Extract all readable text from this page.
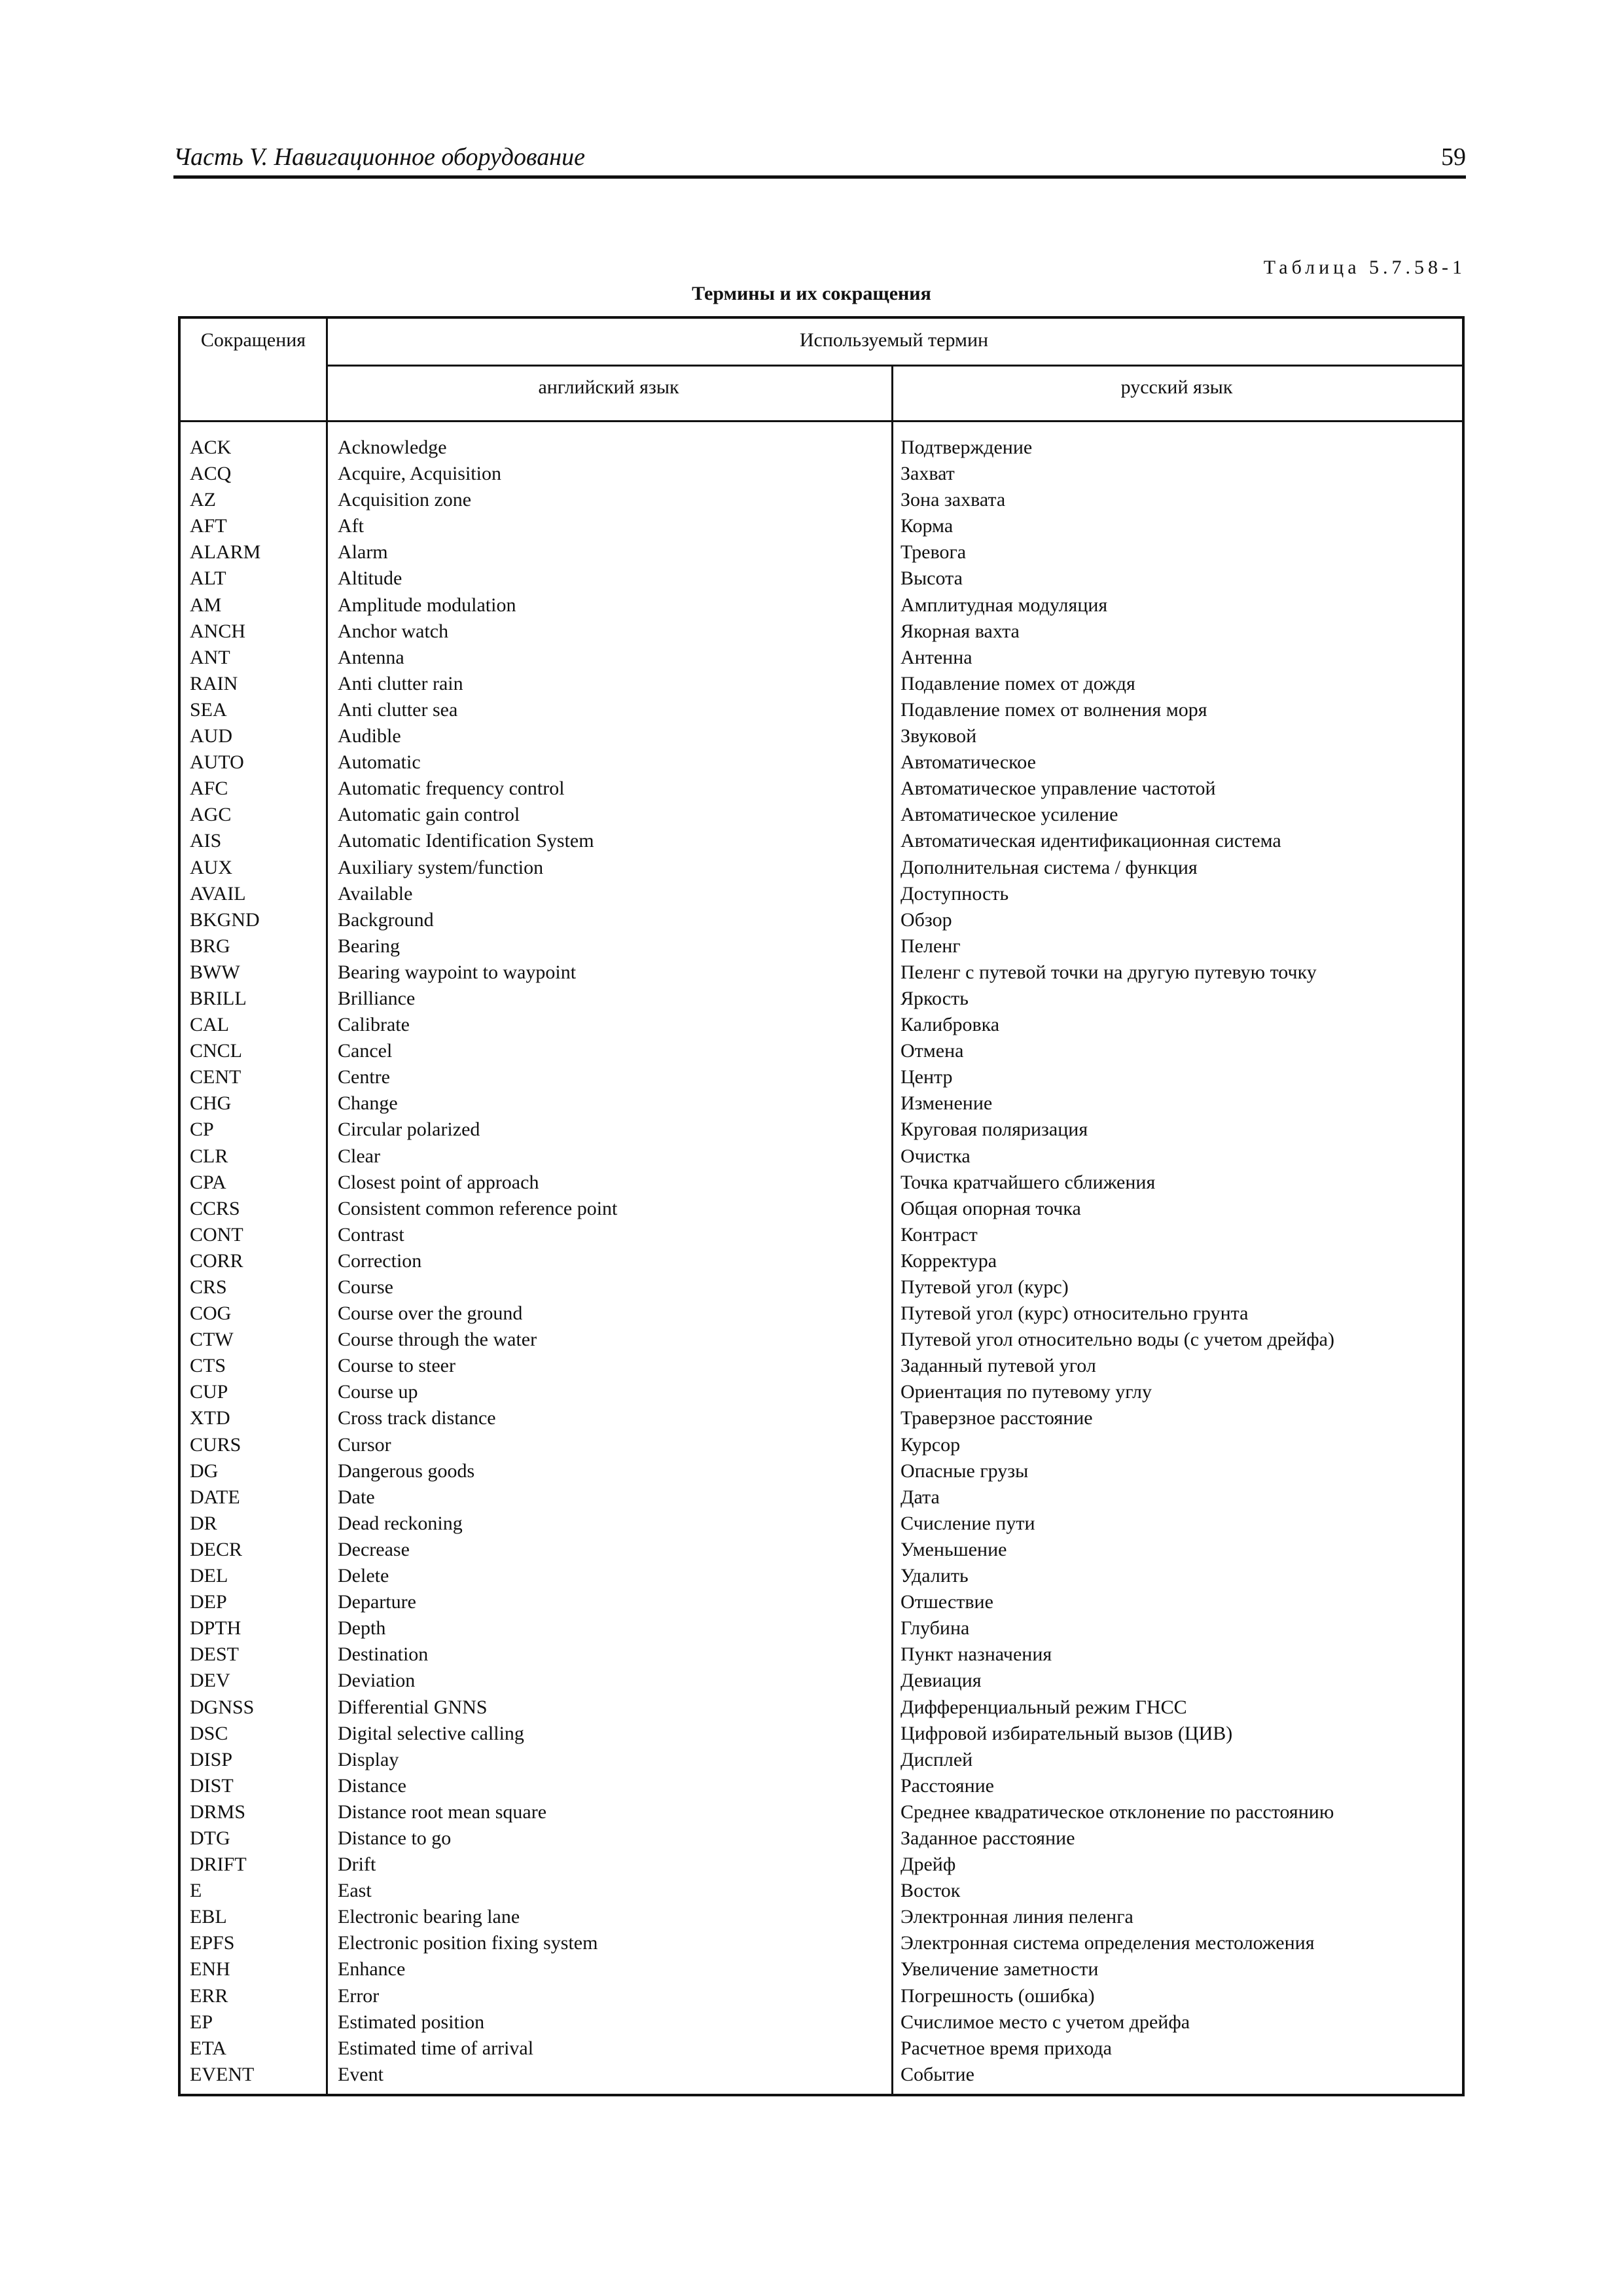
Часть V. Навигационное оборудование	59
Таблица 5.7.58-1
Термины и их сокращения
Сокращения	Используемый термин
английский язык	русский язык
ACK	Acknowledge	Подтверждение
ACQ	Acquire, Acquisition	Захват
AZ	Acquisition zone	Зона захвата
AFT	Aft	Корма
ALARM	Alarm	Тревога
ALT	Altitude	Высота
AM	Amplitude modulation	Амплитудная модуляция
ANCH	Anchor watch	Якорная вахта
ANT	Antenna	Антенна
RAIN	Anti clutter rain	Подавление помех от дождя
SEA	Anti clutter sea	Подавление помех от волнения моря
AUD	Audible	Звуковой
AUTO	Automatic	Автоматическое
AFC	Automatic frequency control	Автоматическое управление частотой
AGC	Automatic gain control	Автоматическое усиление
AIS	Automatic Identification System	Автоматическая идентификационная система
AUX	Auxiliary system/function	Дополнительная система / функция
AVAIL	Available	Доступность
BKGND	Background	Обзор
BRG	Bearing	Пеленг
BWW	Bearing waypoint to waypoint	Пеленг с путевой точки на другую путевую точку
BRILL	Brilliance	Яркость
CAL	Calibrate	Калибровка
CNCL	Cancel	Отмена
CENT	Centre	Центр
CHG	Change	Изменение
CP	Circular polarized	Круговая поляризация
CLR	Clear	Очистка
CPA	Closest point of approach	Точка кратчайшего сближения
CCRS	Consistent common reference point	Общая опорная точка
CONT	Contrast	Контраст
CORR	Correction	Корректура
CRS	Course	Путевой угол (курс)
COG	Course over the ground	Путевой угол (курс) относительно грунта
CTW	Course through the water	Путевой угол относительно воды (с учетом дрейфа)
CTS	Course to steer	Заданный путевой угол
CUP	Course up	Ориентация по путевому углу
XTD	Cross track distance	Траверзное расстояние
CURS	Cursor	Курсор
DG	Dangerous goods	Опасные грузы
DATE	Date	Дата
DR	Dead reckoning	Счисление пути
DECR	Decrease	Уменьшение
DEL	Delete	Удалить
DEP	Departure	Отшествие
DPTH	Depth	Глубина
DEST	Destination	Пункт назначения
DEV	Deviation	Девиация
DGNSS	Differential GNNS	Дифференциальный режим ГНСС
DSC	Digital selective calling	Цифровой избирательный вызов (ЦИВ)
DISP	Display	Дисплей
DIST	Distance	Расстояние
DRMS	Distance root mean square	Среднее квадратическое отклонение по расстоянию
DTG	Distance to go	Заданное расстояние
DRIFT	Drift	Дрейф
E	East	Восток
EBL	Electronic bearing lane	Электронная линия пеленга
EPFS	Electronic position fixing system	Электронная система определения местоложения
ENH	Enhance	Увеличение заметности
ERR	Error	Погрешность (ошибка)
EP	Estimated position	Счислимое место с учетом дрейфа
ETA	Estimated time of arrival	Расчетное время прихода
EVENT	Event	Событие
